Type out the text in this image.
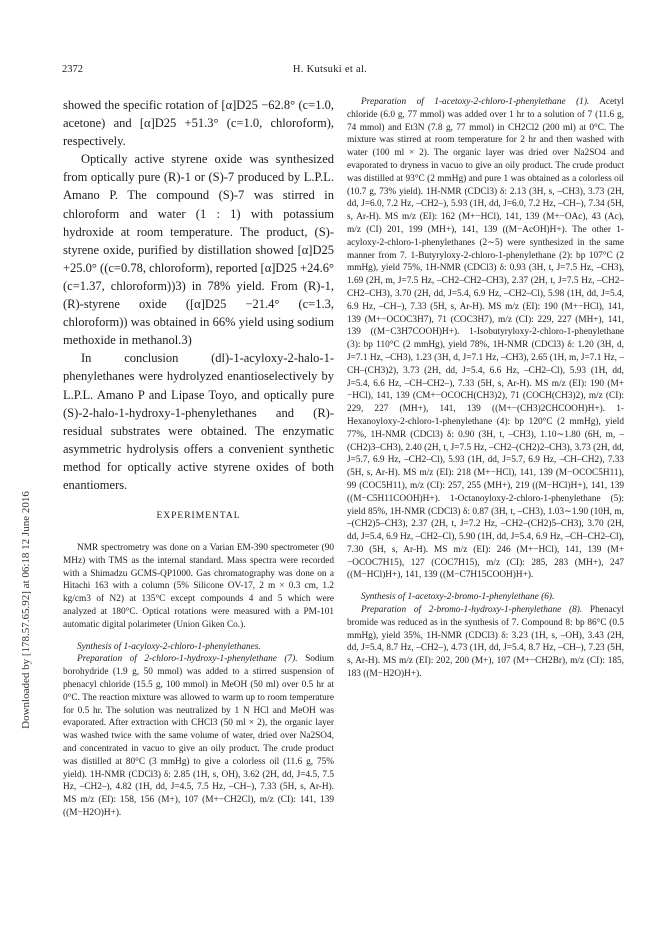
2372	H. Kutsuki et al.
Downloaded by [178.57.65.92] at 06:18 12 June 2016

showed the specific rotation of [α]D25 −62.8° (c=1.0, acetone) and [α]D25 +51.3° (c=1.0, chloroform), respectively.

Optically active styrene oxide was synthesized from optically pure (R)-1 or (S)-7 produced by L.P.L. Amano P. The compound (S)-7 was stirred in chloroform and water (1 : 1) with potassium hydroxide at room temperature. The product, (S)-styrene oxide, purified by distillation showed [α]D25 +25.0° ((c=0.78, chloroform), reported [α]D25 +24.6° (c=1.37, chloroform))3) in 78% yield. From (R)-1, (R)-styrene oxide ([α]D25 −21.4° (c=1.3, chloroform)) was obtained in 66% yield using sodium methoxide in methanol.3)

In conclusion (dl)-1-acyloxy-2-halo-1-phenylethanes were hydrolyzed enantioselectively by L.P.L. Amano P and Lipase Toyo, and optically pure (S)-2-halo-1-hydroxy-1-phenylethanes and (R)-residual substrates were obtained. The enzymatic asymmetric hydrolysis offers a convenient synthetic method for optically active styrene oxides of both enantiomers.

EXPERIMENTAL

NMR spectrometry was done on a Varian EM-390 spectrometer (90 MHz) with TMS as the internal standard. Mass spectra were recorded with a Shimadzu GCMS-QP1000. Gas chromatography was done on a Hitachi 163 with a column (5% Silicone OV-17, 2 m × 0.3 cm, 1.2 kg/cm3 of N2) at 135°C except compounds 4 and 5 which were analyzed at 180°C. Optical rotations were measured with a PM-101 automatic digital polarimeter (Union Giken Co.).

Synthesis of 1-acyloxy-2-chloro-1-phenylethanes.

Preparation of 2-chloro-1-hydroxy-1-phenylethane (7). Sodium borohydride (1.9 g, 50 mmol) was added to a stirred suspension of phenacyl chloride (15.5 g, 100 mmol) in MeOH (50 ml) over 0.5 hr at 0°C. The reaction mixture was allowed to warm up to room temperature for 0.5 hr. The solution was neutralized by 1 N HCl and MeOH was evaporated. After extraction with CHCl3 (50 ml × 2), the organic layer was washed twice with the same volume of water, dried over Na2SO4, and concentrated in vacuo to give an oily product. The crude product was distilled at 80°C (3 mmHg) to give a colorless oil (11.6 g, 75% yield). 1H-NMR (CDCl3) δ: 2.85 (1H, s, OH), 3.62 (2H, dd, J=4.5, 7.5 Hz, –CH2–), 4.82 (1H, dd, J=4.5, 7.5 Hz, –CH–), 7.33 (5H, s, Ar-H). MS m/z (EI): 158, 156 (M+), 107 (M+−CH2Cl), m/z (CI): 141, 139 ((M−H2O)H+).

Preparation of 1-acetoxy-2-chloro-1-phenylethane (1). Acetyl chloride (6.0 g, 77 mmol) was added over 1 hr to a solution of 7 (11.6 g, 74 mmol) and Et3N (7.8 g, 77 mmol) in CH2Cl2 (200 ml) at 0°C. The mixture was stirred at room temperature for 2 hr and then washed with water (100 ml × 2). The organic layer was dried over Na2SO4 and evaporated to dryness in vacuo to give an oily product. The crude product was distilled at 93°C (2 mmHg) and pure 1 was obtained as a colorless oil (10.7 g, 73% yield). 1H-NMR (CDCl3) δ: 2.13 (3H, s, –CH3), 3.73 (2H, dd, J=6.0, 7.2 Hz, –CH2–), 5.93 (1H, dd, J=6.0, 7.2 Hz, –CH–), 7.34 (5H, s, Ar-H). MS m/z (EI): 162 (M+−HCl), 141, 139 (M+−OAc), 43 (Ac), m/z (CI) 201, 199 (MH+), 141, 139 ((M−AcOH)H+). The other 1-acyloxy-2-chloro-1-phenylethanes (2∼5) were synthesized in the same manner from 7. 1-Butyryloxy-2-chloro-1-phenylethane (2): bp 107°C (2 mmHg), yield 75%, 1H-NMR (CDCl3) δ: 0.93 (3H, t, J=7.5 Hz, –CH3), 1.69 (2H, m, J=7.5 Hz, –CH2–CH2–CH3), 2.37 (2H, t, J=7.5 Hz, –CH2–CH2–CH3), 3.70 (2H, dd, J=5.4, 6.9 Hz, –CH2–Cl), 5.98 (1H, dd, J=5.4, 6.9 Hz, –CH–), 7.33 (5H, s, Ar-H). MS m/z (EI): 190 (M+−HCl), 141, 139 (M+−OCOC3H7), 71 (COC3H7), m/z (CI): 229, 227 (MH+), 141, 139 ((M−C3H7COOH)H+). 1-Isobutyryloxy-2-chloro-1-phenylethane (3): bp 110°C (2 mmHg), yield 78%, 1H-NMR (CDCl3) δ: 1.20 (3H, d, J=7.1 Hz, –CH3), 1.23 (3H, d, J=7.1 Hz, –CH3), 2.65 (1H, m, J=7.1 Hz, –CH–(CH3)2), 3.73 (2H, dd, J=5.4, 6.6 Hz, –CH2–Cl), 5.93 (1H, dd, J=5.4, 6.6 Hz, –CH–CH2–), 7.33 (5H, s, Ar-H). MS m/z (EI): 190 (M+−HCl), 141, 139 (CM+−OCOCH(CH3)2), 71 (COCH(CH3)2), m/z (CI): 229, 227 (MH+), 141, 139 ((M+−(CH3)2CHCOOH)H+). 1-Hexanoyloxy-2-chloro-1-phenylethane (4): bp 120°C (2 mmHg), yield 77%, 1H-NMR (CDCl3) δ: 0.90 (3H, t, –CH3), 1.10∼1.80 (6H, m, –(CH2)3–CH3), 2.40 (2H, t, J=7.5 Hz, –CH2–(CH2)2–CH3), 3.73 (2H, dd, J=5.7, 6.9 Hz, –CH2–Cl), 5.93 (1H, dd, J=5.7, 6.9 Hz, –CH–CH2), 7.33 (5H, s, Ar-H). MS m/z (EI): 218 (M+−HCl), 141, 139 (M−OCOC5H11), 99 (COC5H11), m/z (CI): 257, 255 (MH+), 219 ((M−HCl)H+), 141, 139 ((M−C5H11COOH)H+). 1-Octanoyloxy-2-chloro-1-phenylethane (5): yield 85%, 1H-NMR (CDCl3) δ: 0.87 (3H, t, –CH3), 1.03∼1.90 (10H, m, –(CH2)5–CH3), 2.37 (2H, t, J=7.2 Hz, –CH2–(CH2)5–CH3), 3.70 (2H, dd, J=5.4, 6.9 Hz, –CH2–Cl), 5.90 (1H, dd, J=5.4, 6.9 Hz, –CH–CH2–Cl), 7.30 (5H, s, Ar-H). MS m/z (EI): 246 (M+−HCl), 141, 139 (M+−OCOC7H15), 127 (COC7H15), m/z (CI): 285, 283 (MH+), 247 ((M−HCl)H+), 141, 139 ((M−C7H15COOH)H+).

Synthesis of 1-acetoxy-2-bromo-1-phenylethane (6).

Preparation of 2-bromo-1-hydroxy-1-phenylethane (8). Phenacyl bromide was reduced as in the synthesis of 7. Compound 8: bp 86°C (0.5 mmHg), yield 35%, 1H-NMR (CDCl3) δ: 3.23 (1H, s, –OH), 3.43 (2H, dd, J=5.4, 8.7 Hz, –CH2–), 4.73 (1H, dd, J=5.4, 8.7 Hz, –CH–), 7.23 (5H, s, Ar-H). MS m/z (EI): 202, 200 (M+), 107 (M+−CH2Br), m/z (CI): 185, 183 ((M−H2O)H+).
